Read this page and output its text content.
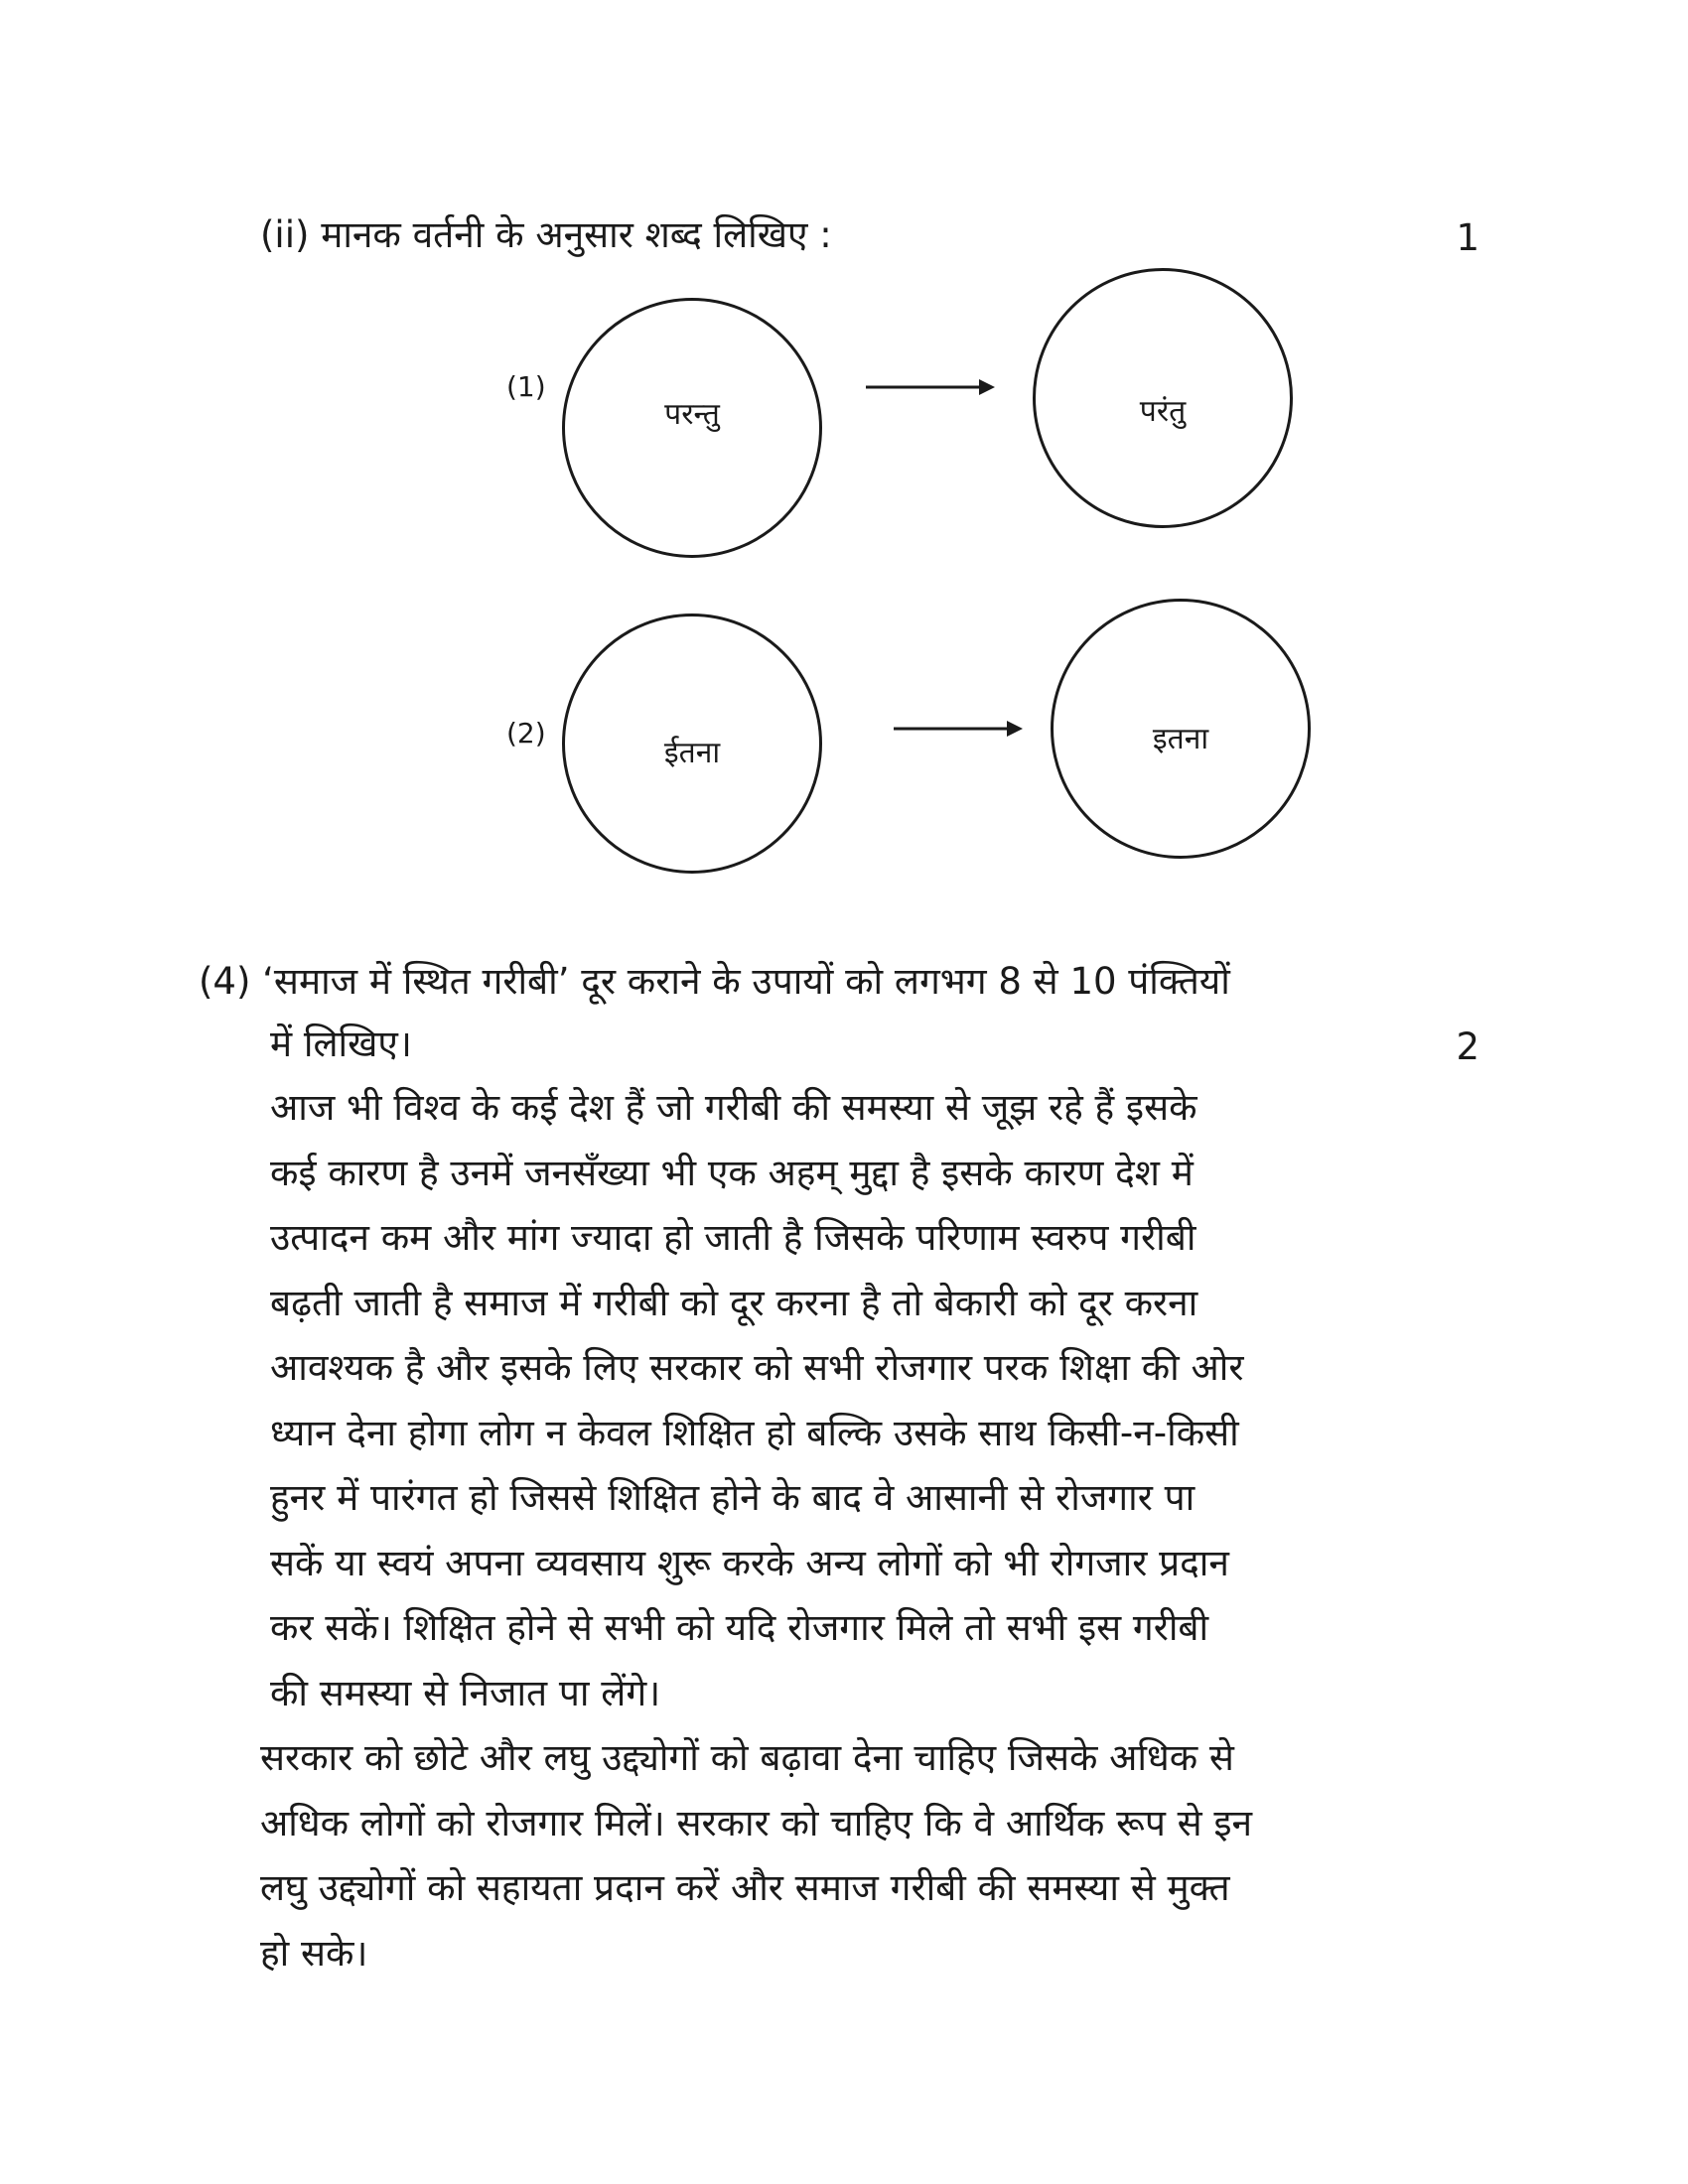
(ii) मानक वर्तनी के अनुसार शब्द लिखिए :	1
(1)
परन्तु	परंतु
(2)
ईतना	इतना
(4) ‘समाज में स्थित गरीबी’ दूर कराने के उपायों को लगभग 8 से 10 पंक्तियों
में लिखिए।	2
आज भी विश्व के कई देश हैं जो गरीबी की समस्या से जूझ रहे हैं इसके
कई कारण है उनमें जनसँख्या भी एक अहम् मुद्दा है इसके कारण देश में
उत्पादन कम और मांग ज्यादा हो जाती है जिसके परिणाम स्वरुप गरीबी
बढ़ती जाती है समाज में गरीबी को दूर करना है तो बेकारी को दूर करना
आवश्यक है और इसके लिए सरकार को सभी रोजगार परक शिक्षा की ओर
ध्यान देना होगा लोग न केवल शिक्षित हो बल्कि उसके साथ किसी-न-किसी
हुनर में पारंगत हो जिससे शिक्षित होने के बाद वे आसानी से रोजगार पा
सकें या स्वयं अपना व्यवसाय शुरू करके अन्य लोगों को भी रोगजार प्रदान
कर सकें। शिक्षित होने से सभी को यदि रोजगार मिले तो सभी इस गरीबी
की समस्या से निजात पा लेंगे।
सरकार को छोटे और लघु उद्द्योगों को बढ़ावा देना चाहिए जिसके अधिक से
अधिक लोगों को रोजगार मिलें। सरकार को चाहिए कि वे आर्थिक रूप से इन
लघु उद्द्योगों को सहायता प्रदान करें और समाज गरीबी की समस्या से मुक्त
हो सके।
